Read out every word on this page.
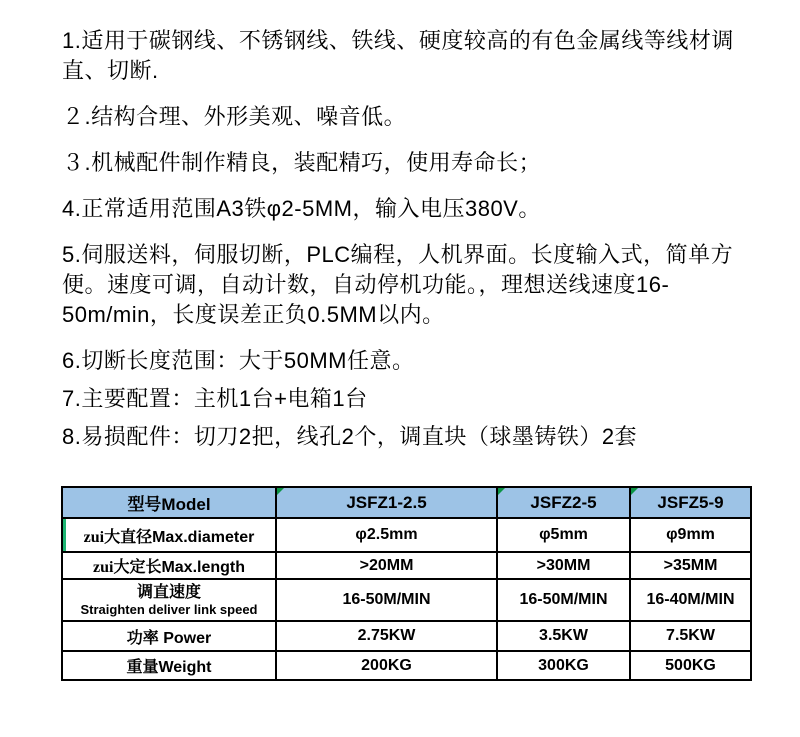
1.适用于碳钢线、不锈钢线、铁线、硬度较高的有色金属线等线材调直、切断.

２.结构合理、外形美观、噪音低。

３.机械配件制作精良，装配精巧，使用寿命长；

4.正常适用范围A3铁φ2-5MM，输入电压380V。

5.伺服送料，伺服切断，PLC编程，人机界面。长度输入式，简单方便。速度可调，自动计数，自动停机功能。，理想送线速度16-50m/min，长度误差正负0.5MM以内。

6.切断长度范围：大于50MM任意。

7.主要配置：主机1台+电箱1台

8.易损配件：切刀2把，线孔2个，调直块（球墨铸铁）2套

型号Model	JSFZ1-2.5	JSFZ2-5	JSFZ5-9

zui大直径Max.diameter	φ2.5mm	φ5mm	φ9mm
zui大定长Max.length	>20MM	>30MM	>35MM

调直速度
Straighten deliver link speed	16-50M/MIN	16-50M/MIN	16-40M/MIN
功率 Power	2.75KW	3.5KW	7.5KW
重量Weight	200KG	300KG	500KG
